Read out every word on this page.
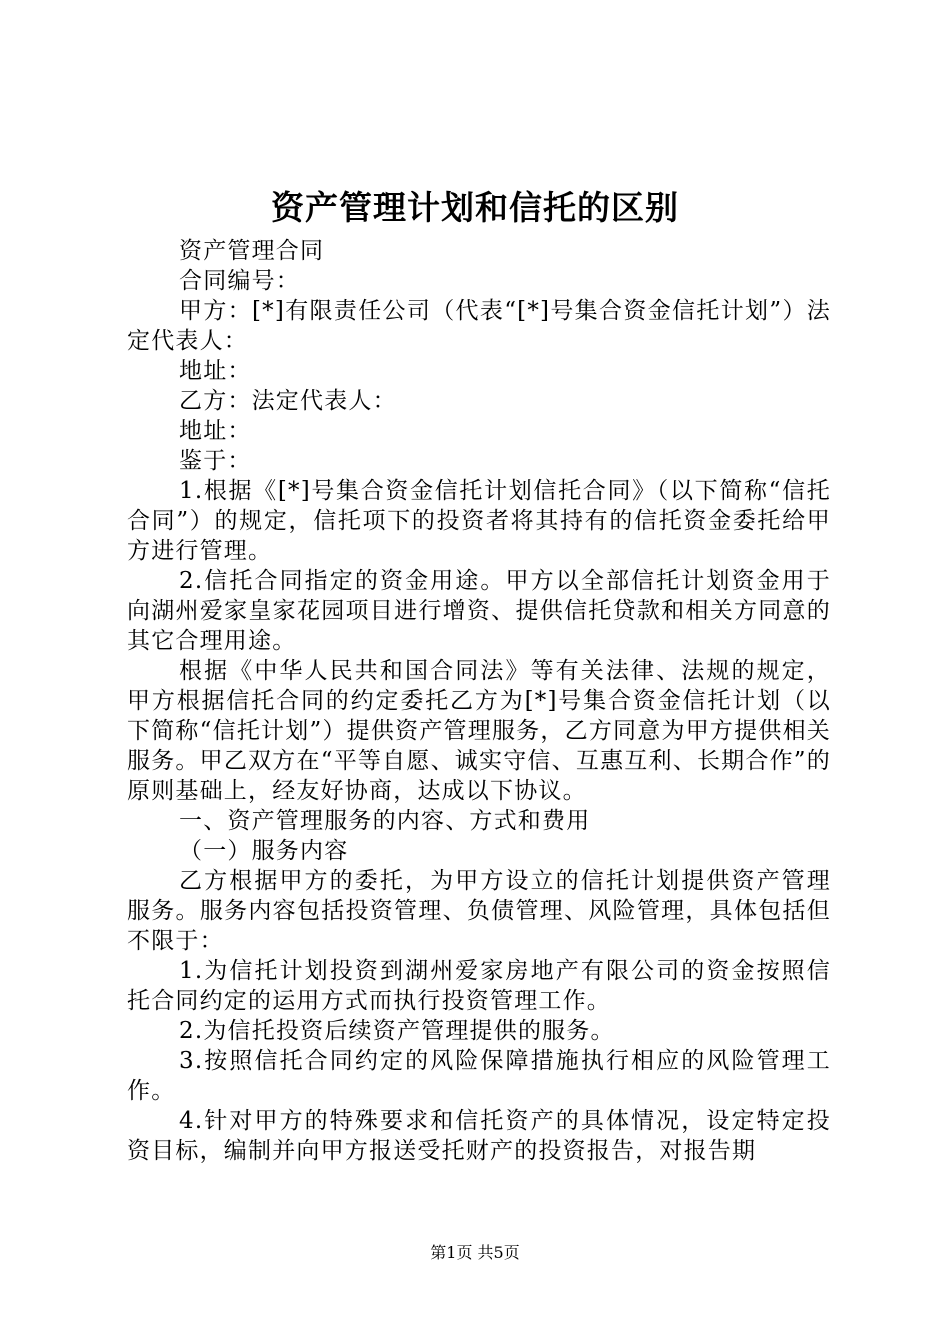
资产管理计划和信托的区别

资产管理合同

合同编号：

甲方：[*]有限责任公司（代表“[*]号集合资金信托计划”）法定代表人：

地址：

乙方：法定代表人：

地址：

鉴于：

1.根据《[*]号集合资金信托计划信托合同》（以下简称“信托合同”）的规定，信托项下的投资者将其持有的信托资金委托给甲方进行管理。

2.信托合同指定的资金用途。甲方以全部信托计划资金用于向湖州爱家皇家花园项目进行增资、提供信托贷款和相关方同意的其它合理用途。

根据《中华人民共和国合同法》等有关法律、法规的规定，甲方根据信托合同的约定委托乙方为[*]号集合资金信托计划（以下简称“信托计划”）提供资产管理服务，乙方同意为甲方提供相关服务。甲乙双方在“平等自愿、诚实守信、互惠互利、长期合作”的原则基础上，经友好协商，达成以下协议。

一、资产管理服务的内容、方式和费用

（一）服务内容

乙方根据甲方的委托，为甲方设立的信托计划提供资产管理服务。服务内容包括投资管理、负债管理、风险管理，具体包括但不限于：

1.为信托计划投资到湖州爱家房地产有限公司的资金按照信托合同约定的运用方式而执行投资管理工作。

2.为信托投资后续资产管理提供的服务。

3.按照信托合同约定的风险保障措施执行相应的风险管理工作。

4.针对甲方的特殊要求和信托资产的具体情况，设定特定投资目标，编制并向甲方报送受托财产的投资报告，对报告期

第1页 共5页
